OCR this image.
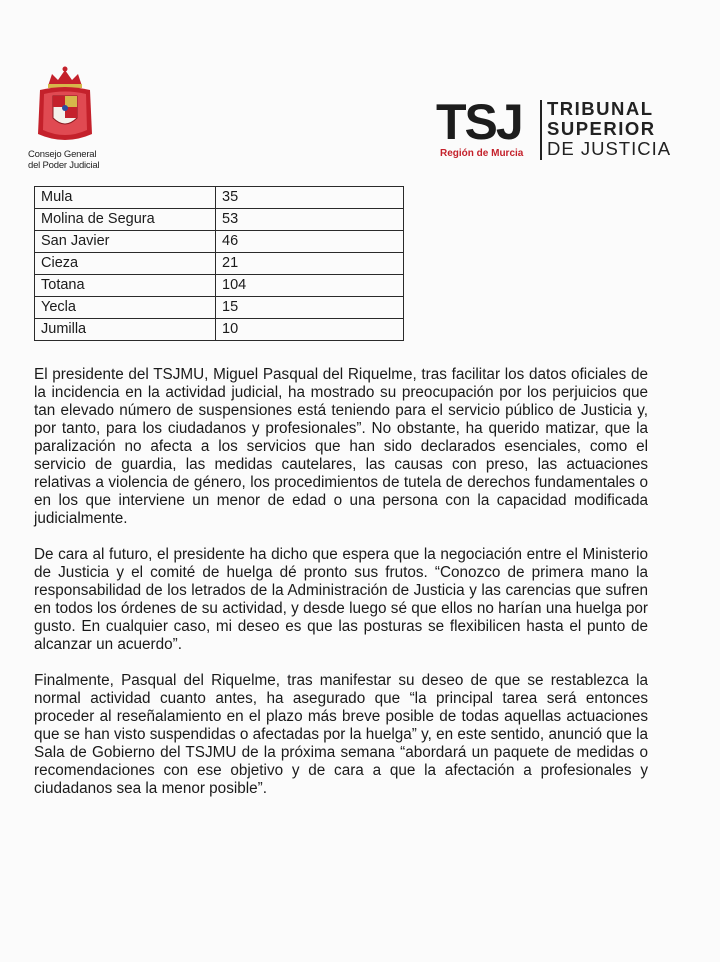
Consejo General
del Poder Judicial
TSJ
Región de Murcia
TRIBUNAL
SUPERIOR
DE JUSTICIA
Mula	35
Molina de Segura	53
San Javier	46
Cieza	21
Totana	104
Yecla	15
Jumilla	10

El presidente del TSJMU, Miguel Pasqual del Riquelme, tras facilitar los datos oficiales de la incidencia en la actividad judicial, ha mostrado su preocupación por los perjuicios que tan elevado número de suspensiones está teniendo para el servicio público de Justicia y, por tanto, para los ciudadanos y profesionales”. No obstante, ha querido matizar, que la paralización no afecta a los servicios que han sido declarados esenciales, como el servicio de guardia, las medidas cautelares, las causas con preso, las actuaciones relativas a violencia de género, los procedimientos de tutela de derechos fundamentales o en los que interviene un menor de edad o una persona con la capacidad modificada judicialmente.

De cara al futuro, el presidente ha dicho que espera que la negociación entre el Ministerio de Justicia y el comité de huelga dé pronto sus frutos. “Conozco de primera mano la responsabilidad de los letrados de la Administración de Justicia y las carencias que sufren en todos los órdenes de su actividad, y desde luego sé que ellos no harían una huelga por gusto. En cualquier caso, mi deseo es que las posturas se flexibilicen hasta el punto de alcanzar un acuerdo”.

Finalmente, Pasqual del Riquelme, tras manifestar su deseo de que se restablezca la normal actividad cuanto antes, ha asegurado que “la principal tarea será entonces proceder al reseñalamiento en el plazo más breve posible de todas aquellas actuaciones que se han visto suspendidas o afectadas por la huelga” y, en este sentido, anunció que la Sala de Gobierno del TSJMU de la próxima semana “abordará un paquete de medidas o recomendaciones con ese objetivo y de cara a que la afectación a profesionales y ciudadanos sea la menor posible”.
